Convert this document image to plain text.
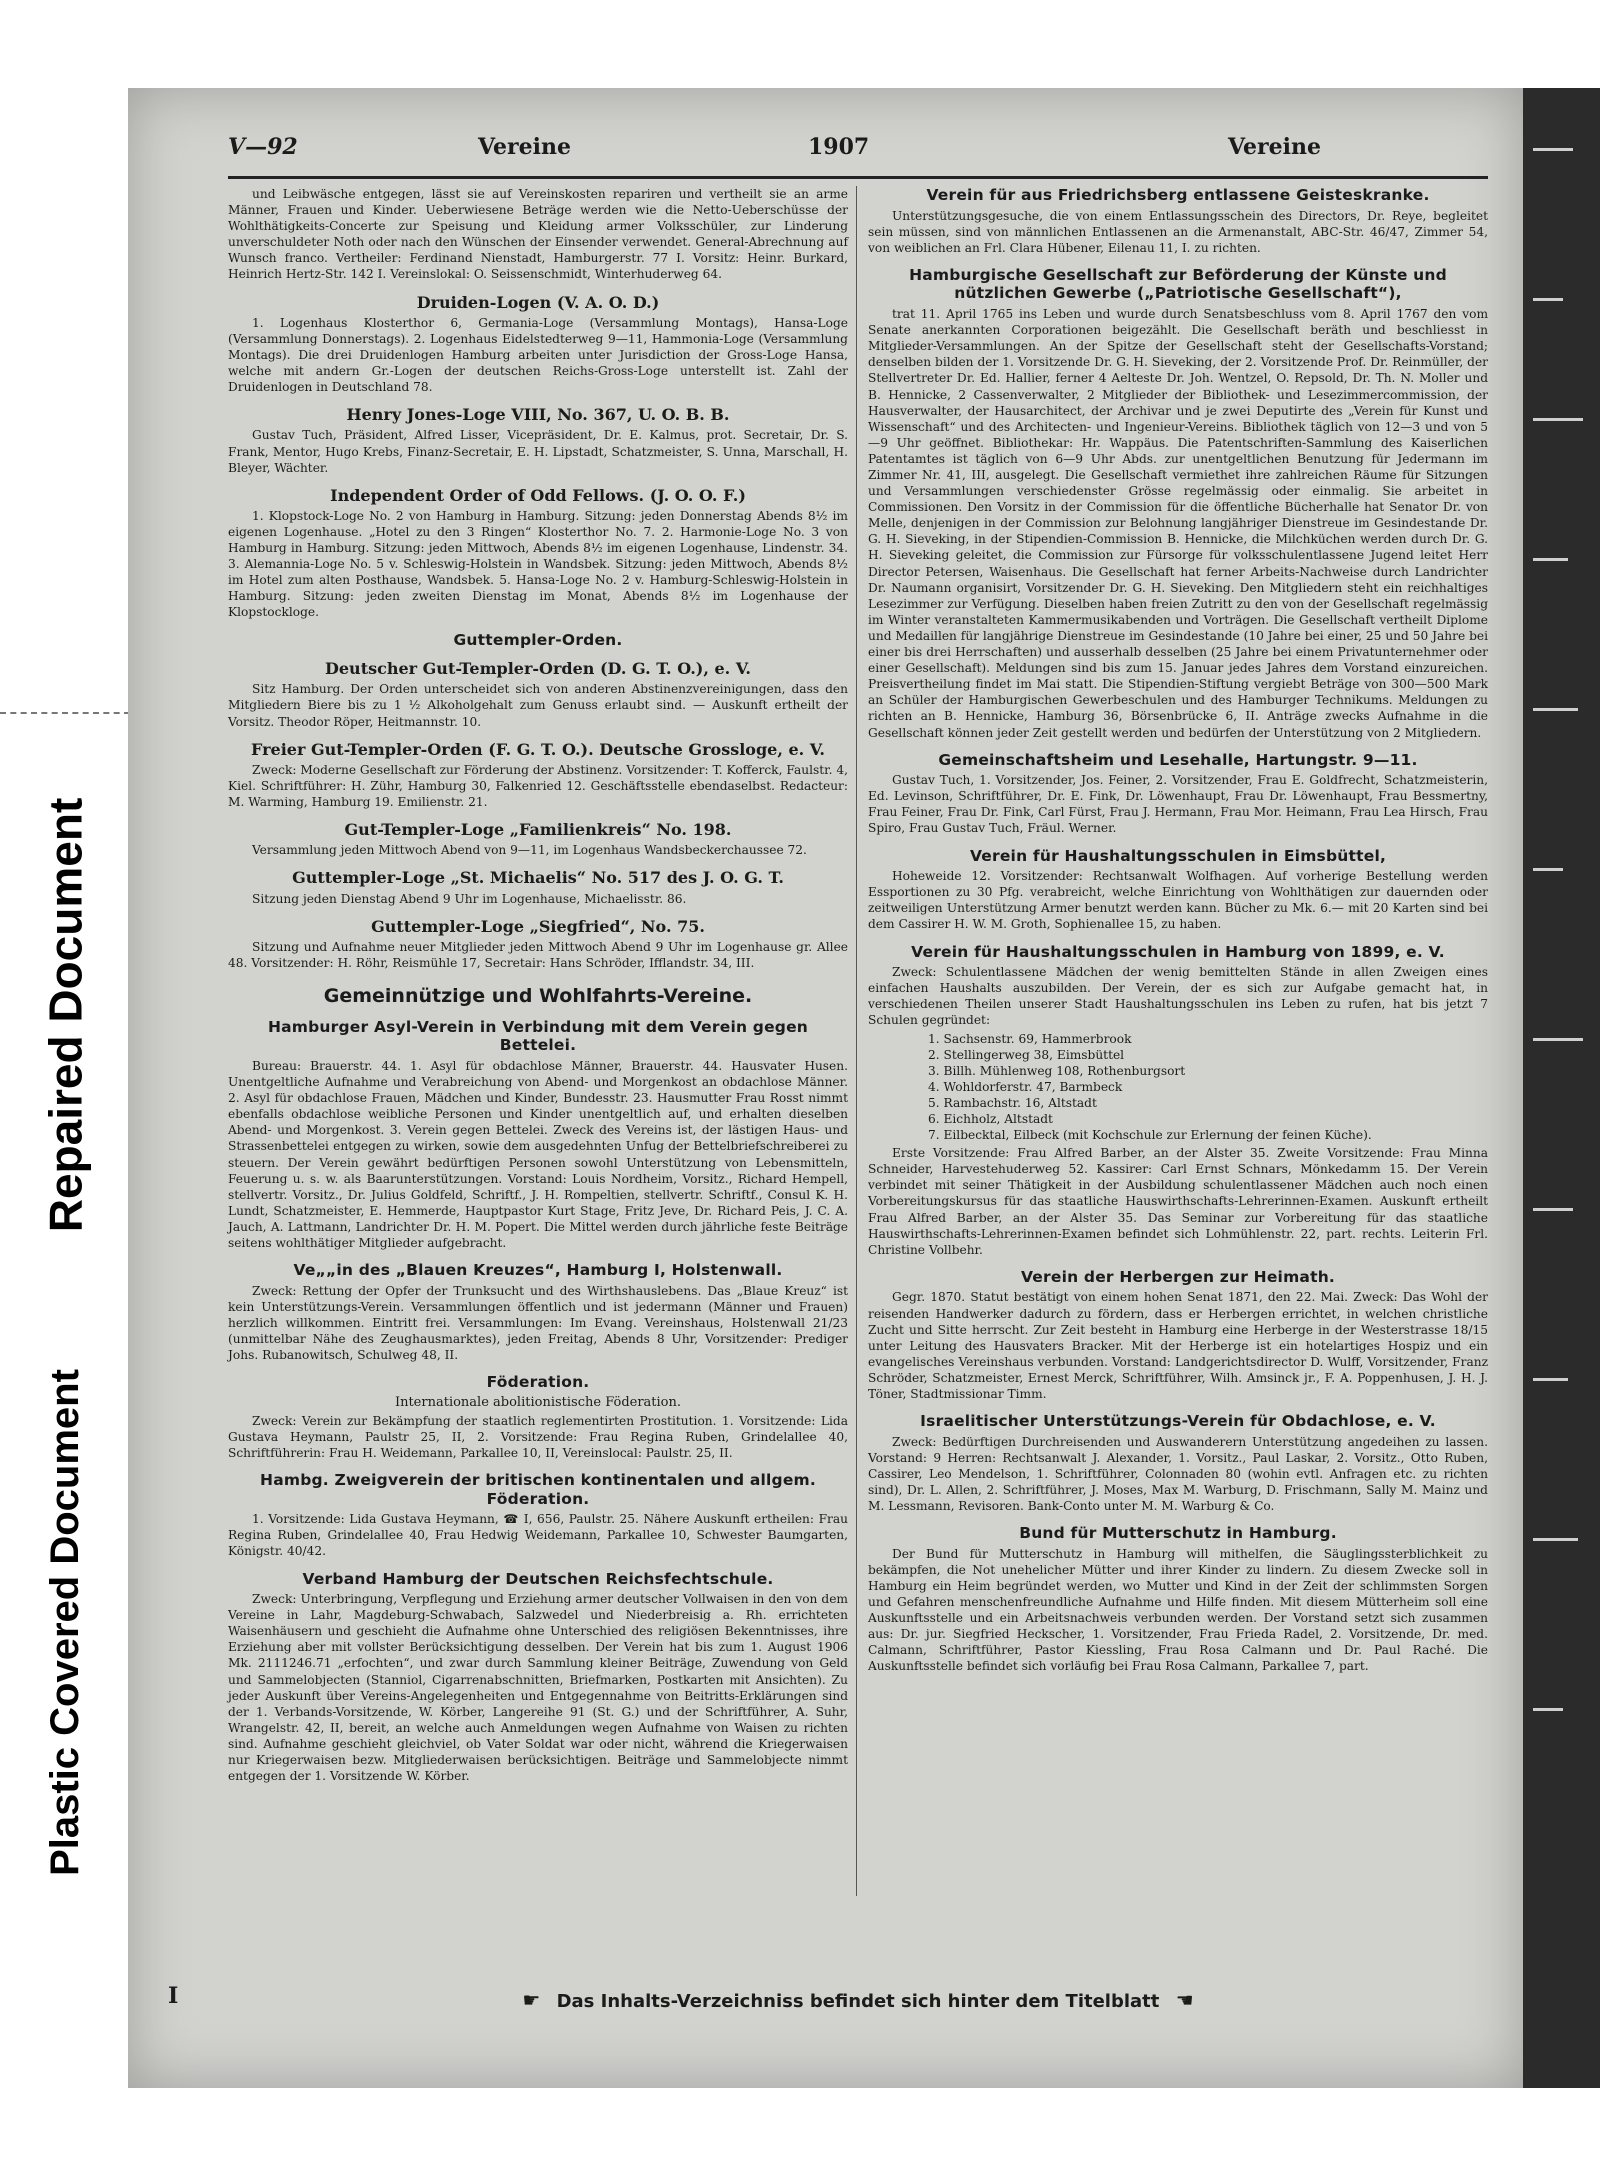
Repaired Document
Plastic Covered Document
V—92	Vereine	1907	Vereine

und Leibwäsche entgegen, lässt sie auf Vereinskosten repariren und vertheilt sie an arme Männer, Frauen und Kinder. Ueberwiesene Beträge werden wie die Netto-Ueberschüsse der Wohlthätigkeits-Concerte zur Speisung und Kleidung armer Volksschüler, zur Linderung unverschuldeter Noth oder nach den Wünschen der Einsender verwendet. General-Abrechnung auf Wunsch franco. Vertheiler: Ferdinand Nienstadt, Hamburgerstr. 77 I. Vorsitz: Heinr. Burkard, Heinrich Hertz-Str. 142 I. Vereinslokal: O. Seissenschmidt, Winterhuderweg 64.

Druiden-Logen (V. A. O. D.)

1. Logenhaus Klosterthor 6, Germania-Loge (Versammlung Montags), Hansa-Loge (Versammlung Donnerstags). 2. Logenhaus Eidelstedterweg 9—11, Hammonia-Loge (Versammlung Montags). Die drei Druidenlogen Hamburg arbeiten unter Jurisdiction der Gross-Loge Hansa, welche mit andern Gr.-Logen der deutschen Reichs-Gross-Loge unterstellt ist. Zahl der Druidenlogen in Deutschland 78.

Henry Jones-Loge VIII, No. 367, U. O. B. B.

Gustav Tuch, Präsident, Alfred Lisser, Vicepräsident, Dr. E. Kalmus, prot. Secretair, Dr. S. Frank, Mentor, Hugo Krebs, Finanz-Secretair, E. H. Lipstadt, Schatzmeister, S. Unna, Marschall, H. Bleyer, Wächter.

Independent Order of Odd Fellows. (J. O. O. F.)

1. Klopstock-Loge No. 2 von Hamburg in Hamburg. Sitzung: jeden Donnerstag Abends 8½ im eigenen Logenhause. „Hotel zu den 3 Ringen“ Klosterthor No. 7. 2. Harmonie-Loge No. 3 von Hamburg in Hamburg. Sitzung: jeden Mittwoch, Abends 8½ im eigenen Logenhause, Lindenstr. 34. 3. Alemannia-Loge No. 5 v. Schleswig-Holstein in Wandsbek. Sitzung: jeden Mittwoch, Abends 8½ im Hotel zum alten Posthause, Wandsbek. 5. Hansa-Loge No. 2 v. Hamburg-Schleswig-Holstein in Hamburg. Sitzung: jeden zweiten Dienstag im Monat, Abends 8½ im Logenhause der Klopstockloge.

Guttempler-Orden.
Deutscher Gut-Templer-Orden (D. G. T. O.), e. V.

Sitz Hamburg. Der Orden unterscheidet sich von anderen Abstinenzvereinigungen, dass den Mitgliedern Biere bis zu 1 ½ Alkoholgehalt zum Genuss erlaubt sind. — Auskunft ertheilt der Vorsitz. Theodor Röper, Heitmannstr. 10.

Freier Gut-Templer-Orden (F. G. T. O.). Deutsche Grossloge, e. V.

Zweck: Moderne Gesellschaft zur Förderung der Abstinenz. Vorsitzender: T. Kofferck, Faulstr. 4, Kiel. Schriftführer: H. Zühr, Hamburg 30, Falkenried 12. Geschäftsstelle ebendaselbst. Redacteur: M. Warming, Hamburg 19. Emilienstr. 21.

Gut-Templer-Loge „Familienkreis“ No. 198.

Versammlung jeden Mittwoch Abend von 9—11, im Logenhaus Wandsbeckerchaussee 72.

Guttempler-Loge „St. Michaelis“ No. 517 des J. O. G. T.

Sitzung jeden Dienstag Abend 9 Uhr im Logenhause, Michaelisstr. 86.

Guttempler-Loge „Siegfried“, No. 75.

Sitzung und Aufnahme neuer Mitglieder jeden Mittwoch Abend 9 Uhr im Logenhause gr. Allee 48. Vorsitzender: H. Röhr, Reismühle 17, Secretair: Hans Schröder, Ifflandstr. 34, III.

Gemeinnützige und Wohlfahrts-Vereine.
Hamburger Asyl-Verein in Verbindung mit dem Verein gegen Bettelei.

Bureau: Brauerstr. 44. 1. Asyl für obdachlose Männer, Brauerstr. 44. Hausvater Husen. Unentgeltliche Aufnahme und Verabreichung von Abend- und Morgenkost an obdachlose Männer. 2. Asyl für obdachlose Frauen, Mädchen und Kinder, Bundesstr. 23. Hausmutter Frau Rosst nimmt ebenfalls obdachlose weibliche Personen und Kinder unentgeltlich auf, und erhalten dieselben Abend- und Morgenkost. 3. Verein gegen Bettelei. Zweck des Vereins ist, der lästigen Haus- und Strassenbettelei entgegen zu wirken, sowie dem ausgedehnten Unfug der Bettelbriefschreiberei zu steuern. Der Verein gewährt bedürftigen Personen sowohl Unterstützung von Lebensmitteln, Feuerung u. s. w. als Baarunterstützungen. Vorstand: Louis Nordheim, Vorsitz., Richard Hempell, stellvertr. Vorsitz., Dr. Julius Goldfeld, Schriftf., J. H. Rompeltien, stellvertr. Schriftf., Consul K. H. Lundt, Schatzmeister, E. Hemmerde, Hauptpastor Kurt Stage, Fritz Jeve, Dr. Richard Peis, J. C. A. Jauch, A. Lattmann, Landrichter Dr. H. M. Popert. Die Mittel werden durch jährliche feste Beiträge seitens wohlthätiger Mitglieder aufgebracht.

Ve„„in des „Blauen Kreuzes“, Hamburg I, Holstenwall.

Zweck: Rettung der Opfer der Trunksucht und des Wirthshauslebens. Das „Blaue Kreuz“ ist kein Unterstützungs-Verein. Versammlungen öffentlich und ist jedermann (Männer und Frauen) herzlich willkommen. Eintritt frei. Versammlungen: Im Evang. Vereinshaus, Holstenwall 21/23 (unmittelbar Nähe des Zeughausmarktes), jeden Freitag, Abends 8 Uhr, Vorsitzender: Prediger Johs. Rubanowitsch, Schulweg 48, II.

Föderation.
Internationale abolitionistische Föderation.

Zweck: Verein zur Bekämpfung der staatlich reglementirten Prostitution. 1. Vorsitzende: Lida Gustava Heymann, Paulstr 25, II, 2. Vorsitzende: Frau Regina Ruben, Grindelallee 40, Schriftführerin: Frau H. Weidemann, Parkallee 10, II, Vereinslocal: Paulstr. 25, II.

Hambg. Zweigverein der britischen kontinentalen und allgem. Föderation.

1. Vorsitzende: Lida Gustava Heymann, ☎ I, 656, Paulstr. 25. Nähere Auskunft ertheilen: Frau Regina Ruben, Grindelallee 40, Frau Hedwig Weidemann, Parkallee 10, Schwester Baumgarten, Königstr. 40/42.

Verband Hamburg der Deutschen Reichsfechtschule.

Zweck: Unterbringung, Verpflegung und Erziehung armer deutscher Vollwaisen in den von dem Vereine in Lahr, Magdeburg-Schwabach, Salzwedel und Niederbreisig a. Rh. errichteten Waisenhäusern und geschieht die Aufnahme ohne Unterschied des religiösen Bekenntnisses, ihre Erziehung aber mit vollster Berücksichtigung desselben. Der Verein hat bis zum 1. August 1906 Mk. 2111246.71 „erfochten“, und zwar durch Sammlung kleiner Beiträge, Zuwendung von Geld und Sammelobjecten (Stanniol, Cigarrenabschnitten, Briefmarken, Postkarten mit Ansichten). Zu jeder Auskunft über Vereins-Angelegenheiten und Entgegennahme von Beitritts-Erklärungen sind der 1. Verbands-Vorsitzende, W. Körber, Langereihe 91 (St. G.) und der Schriftführer, A. Suhr, Wrangelstr. 42, II, bereit, an welche auch Anmeldungen wegen Aufnahme von Waisen zu richten sind. Aufnahme geschieht gleichviel, ob Vater Soldat war oder nicht, während die Kriegerwaisen nur Kriegerwaisen bezw. Mitgliederwaisen berücksichtigen. Beiträge und Sammelobjecte nimmt entgegen der 1. Vorsitzende W. Körber.

Verein für aus Friedrichsberg entlassene Geisteskranke.

Unterstützungsgesuche, die von einem Entlassungsschein des Directors, Dr. Reye, begleitet sein müssen, sind von männlichen Entlassenen an die Armenanstalt, ABC-Str. 46/47, Zimmer 54, von weiblichen an Frl. Clara Hübener, Eilenau 11, I. zu richten.

Hamburgische Gesellschaft zur Beförderung der Künste und nützlichen Gewerbe („Patriotische Gesellschaft“),

trat 11. April 1765 ins Leben und wurde durch Senatsbeschluss vom 8. April 1767 den vom Senate anerkannten Corporationen beigezählt. Die Gesellschaft beräth und beschliesst in Mitglieder-Versammlungen. An der Spitze der Gesellschaft steht der Gesellschafts-Vorstand; denselben bilden der 1. Vorsitzende Dr. G. H. Sieveking, der 2. Vorsitzende Prof. Dr. Reinmüller, der Stellvertreter Dr. Ed. Hallier, ferner 4 Aelteste Dr. Joh. Wentzel, O. Repsold, Dr. Th. N. Moller und B. Hennicke, 2 Cassenverwalter, 2 Mitglieder der Bibliothek- und Lesezimmercommission, der Hausverwalter, der Hausarchitect, der Archivar und je zwei Deputirte des „Verein für Kunst und Wissenschaft“ und des Architecten- und Ingenieur-Vereins. Bibliothek täglich von 12—3 und von 5—9 Uhr geöffnet. Bibliothekar: Hr. Wappäus. Die Patentschriften-Sammlung des Kaiserlichen Patentamtes ist täglich von 6—9 Uhr Abds. zur unentgeltlichen Benutzung für Jedermann im Zimmer Nr. 41, III, ausgelegt. Die Gesellschaft vermiethet ihre zahlreichen Räume für Sitzungen und Versammlungen verschiedenster Grösse regelmässig oder einmalig. Sie arbeitet in Commissionen. Den Vorsitz in der Commission für die öffentliche Bücherhalle hat Senator Dr. von Melle, denjenigen in der Commission zur Belohnung langjähriger Dienstreue im Gesindestande Dr. G. H. Sieveking, in der Stipendien-Commission B. Hennicke, die Milchküchen werden durch Dr. G. H. Sieveking geleitet, die Commission zur Fürsorge für volksschulentlassene Jugend leitet Herr Director Petersen, Waisenhaus. Die Gesellschaft hat ferner Arbeits-Nachweise durch Landrichter Dr. Naumann organisirt, Vorsitzender Dr. G. H. Sieveking. Den Mitgliedern steht ein reichhaltiges Lesezimmer zur Verfügung. Dieselben haben freien Zutritt zu den von der Gesellschaft regelmässig im Winter veranstalteten Kammermusikabenden und Vorträgen. Die Gesellschaft vertheilt Diplome und Medaillen für langjährige Dienstreue im Gesindestande (10 Jahre bei einer, 25 und 50 Jahre bei einer bis drei Herrschaften) und ausserhalb desselben (25 Jahre bei einem Privatunternehmer oder einer Gesellschaft). Meldungen sind bis zum 15. Januar jedes Jahres dem Vorstand einzureichen. Preisvertheilung findet im Mai statt. Die Stipendien-Stiftung vergiebt Beträge von 300—500 Mark an Schüler der Hamburgischen Gewerbeschulen und des Hamburger Technikums. Meldungen zu richten an B. Hennicke, Hamburg 36, Börsenbrücke 6, II. Anträge zwecks Aufnahme in die Gesellschaft können jeder Zeit gestellt werden und bedürfen der Unterstützung von 2 Mitgliedern.

Gemeinschaftsheim und Lesehalle, Hartungstr. 9—11.

Gustav Tuch, 1. Vorsitzender, Jos. Feiner, 2. Vorsitzender, Frau E. Goldfrecht, Schatzmeisterin, Ed. Levinson, Schriftführer, Dr. E. Fink, Dr. Löwenhaupt, Frau Dr. Löwenhaupt, Frau Bessmertny, Frau Feiner, Frau Dr. Fink, Carl Fürst, Frau J. Hermann, Frau Mor. Heimann, Frau Lea Hirsch, Frau Spiro, Frau Gustav Tuch, Fräul. Werner.

Verein für Haushaltungsschulen in Eimsbüttel,

Hoheweide 12. Vorsitzender: Rechtsanwalt Wolfhagen. Auf vorherige Bestellung werden Essportionen zu 30 Pfg. verabreicht, welche Einrichtung von Wohlthätigen zur dauernden oder zeitweiligen Unterstützung Armer benutzt werden kann. Bücher zu Mk. 6.— mit 20 Karten sind bei dem Cassirer H. W. M. Groth, Sophienallee 15, zu haben.

Verein für Haushaltungsschulen in Hamburg von 1899, e. V.

Zweck: Schulentlassene Mädchen der wenig bemittelten Stände in allen Zweigen eines einfachen Haushalts auszubilden. Der Verein, der es sich zur Aufgabe gemacht hat, in verschiedenen Theilen unserer Stadt Haushaltungsschulen ins Leben zu rufen, hat bis jetzt 7 Schulen gegründet:

1. Sachsenstr. 69, Hammerbrook
2. Stellingerweg 38, Eimsbüttel
3. Billh. Mühlenweg 108, Rothenburgsort
4. Wohldorferstr. 47, Barmbeck
5. Rambachstr. 16, Altstadt
6. Eichholz, Altstadt
7. Eilbecktal, Eilbeck (mit Kochschule zur Erlernung der feinen Küche).

Erste Vorsitzende: Frau Alfred Barber, an der Alster 35. Zweite Vorsitzende: Frau Minna Schneider, Harvestehuderweg 52. Kassirer: Carl Ernst Schnars, Mönkedamm 15. Der Verein verbindet mit seiner Thätigkeit in der Ausbildung schulentlassener Mädchen auch noch einen Vorbereitungskursus für das staatliche Hauswirthschafts-Lehrerinnen-Examen. Auskunft ertheilt Frau Alfred Barber, an der Alster 35. Das Seminar zur Vorbereitung für das staatliche Hauswirthschafts-Lehrerinnen-Examen befindet sich Lohmühlenstr. 22, part. rechts. Leiterin Frl. Christine Vollbehr.

Verein der Herbergen zur Heimath.

Gegr. 1870. Statut bestätigt von einem hohen Senat 1871, den 22. Mai. Zweck: Das Wohl der reisenden Handwerker dadurch zu fördern, dass er Herbergen errichtet, in welchen christliche Zucht und Sitte herrscht. Zur Zeit besteht in Hamburg eine Herberge in der Westerstrasse 18/15 unter Leitung des Hausvaters Bracker. Mit der Herberge ist ein hotelartiges Hospiz und ein evangelisches Vereinshaus verbunden. Vorstand: Landgerichtsdirector D. Wulff, Vorsitzender, Franz Schröder, Schatzmeister, Ernest Merck, Schriftführer, Wilh. Amsinck jr., F. A. Poppenhusen, J. H. J. Töner, Stadtmissionar Timm.

Israelitischer Unterstützungs-Verein für Obdachlose, e. V.

Zweck: Bedürftigen Durchreisenden und Auswanderern Unterstützung angedeihen zu lassen. Vorstand: 9 Herren: Rechtsanwalt J. Alexander, 1. Vorsitz., Paul Laskar, 2. Vorsitz., Otto Ruben, Cassirer, Leo Mendelson, 1. Schriftführer, Colonnaden 80 (wohin evtl. Anfragen etc. zu richten sind), Dr. L. Allen, 2. Schriftführer, J. Moses, Max M. Warburg, D. Frischmann, Sally M. Mainz und M. Lessmann, Revisoren. Bank-Conto unter M. M. Warburg & Co.

Bund für Mutterschutz in Hamburg.

Der Bund für Mutterschutz in Hamburg will mithelfen, die Säuglingssterblichkeit zu bekämpfen, die Not unehelicher Mütter und ihrer Kinder zu lindern. Zu diesem Zwecke soll in Hamburg ein Heim begründet werden, wo Mutter und Kind in der Zeit der schlimmsten Sorgen und Gefahren menschenfreundliche Aufnahme und Hilfe finden. Mit diesem Mütterheim soll eine Auskunftsstelle und ein Arbeitsnachweis verbunden werden. Der Vorstand setzt sich zusammen aus: Dr. jur. Siegfried Heckscher, 1. Vorsitzender, Frau Frieda Radel, 2. Vorsitzende, Dr. med. Calmann, Schriftführer, Pastor Kiessling, Frau Rosa Calmann und Dr. Paul Raché. Die Auskunftsstelle befindet sich vorläufig bei Frau Rosa Calmann, Parkallee 7, part.

☛ Das Inhalts-Verzeichniss befindet sich hinter dem Titelblatt ☚
I
